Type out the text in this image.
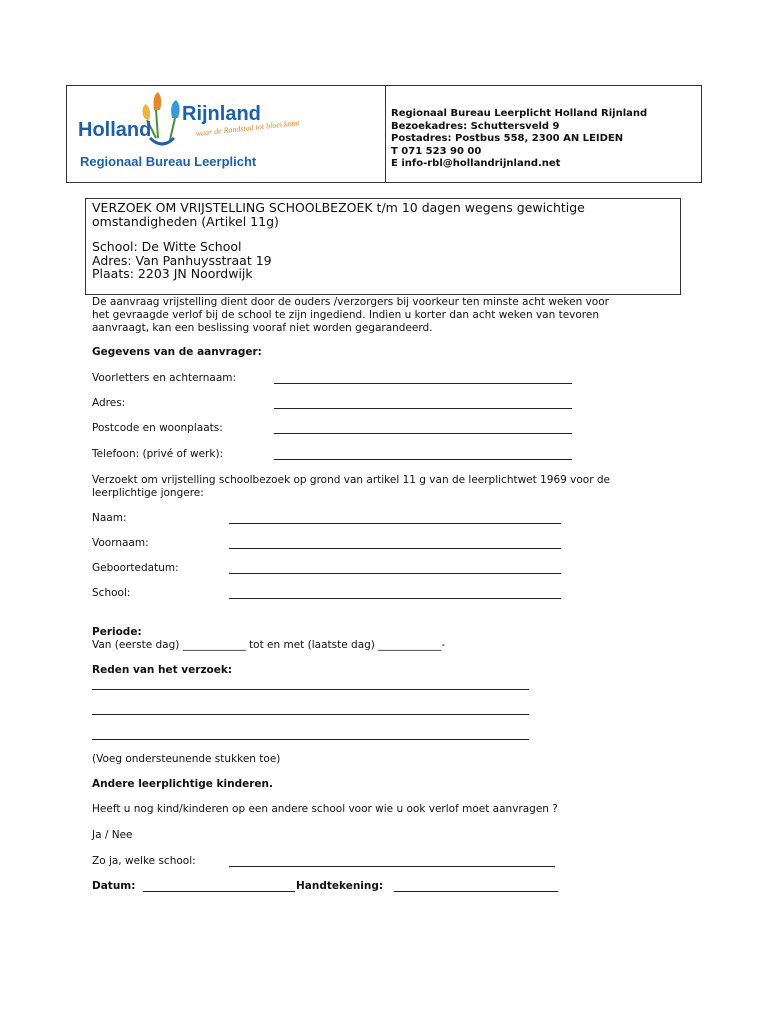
Holland
Rijnland
waar de Randstad tot bloei komt
Regionaal Bureau Leerplicht
Regionaal Bureau Leerplicht Holland Rijnland
Bezoekadres: Schuttersveld 9
Postadres: Postbus 558, 2300 AN LEIDEN
T 071 523 90 00
E info-rbl@hollandrijnland.net
VERZOEK OM VRIJSTELLING SCHOOLBEZOEK t/m 10 dagen wegens gewichtige
omstandigheden (Artikel 11g)
School: De Witte School
Adres: Van Panhuysstraat 19
Plaats: 2203 JN Noordwijk
De aanvraag vrijstelling dient door de ouders /verzorgers bij voorkeur ten minste acht weken voor
het gevraagde verlof bij de school te zijn ingediend. Indien u korter dan acht weken van tevoren
aanvraagt, kan een beslissing vooraf niet worden gegarandeerd.
Gegevens van de aanvrager:
Voorletters en achternaam:
Adres:
Postcode en woonplaats:
Telefoon: (privé of werk):
Verzoekt om vrijstelling schoolbezoek op grond van artikel 11 g van de leerplichtwet 1969 voor de
leerplichtige jongere:
Naam:
Voornaam:
Geboortedatum:
School:
Periode:
Van (eerste dag) ____________ tot en met (laatste dag) ____________-
Reden van het verzoek:
(Voeg ondersteunende stukken toe)
Andere leerplichtige kinderen.
Heeft u nog kind/kinderen op een andere school voor wie u ook verlof moet aanvragen ?
Ja / Nee
Zo ja, welke school:
Datum:	Handtekening:
